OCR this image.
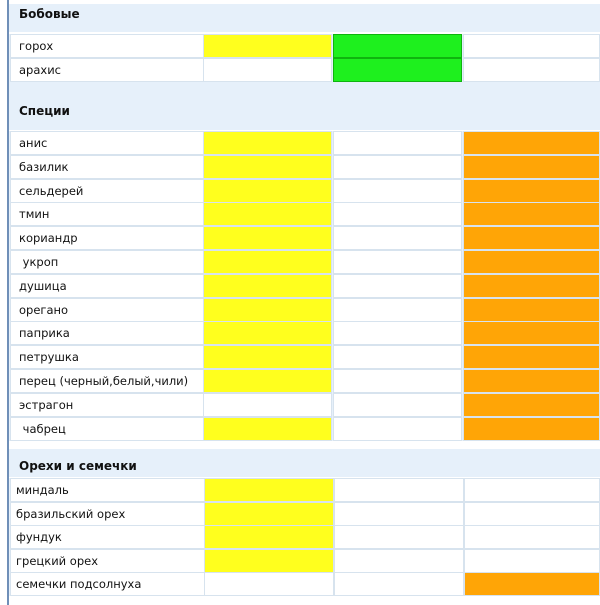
Бобовые
горох
арахис
Специи
анис
базилик
сельдерей
тмин
кориандр
укроп
душица
орегано
паприка
петрушка
перец (черный,белый,чили)
эстрагон
чабрец
Орехи и семечки
миндаль
бразильский орех
фундук
грецкий орех
семечки подсолнуха
